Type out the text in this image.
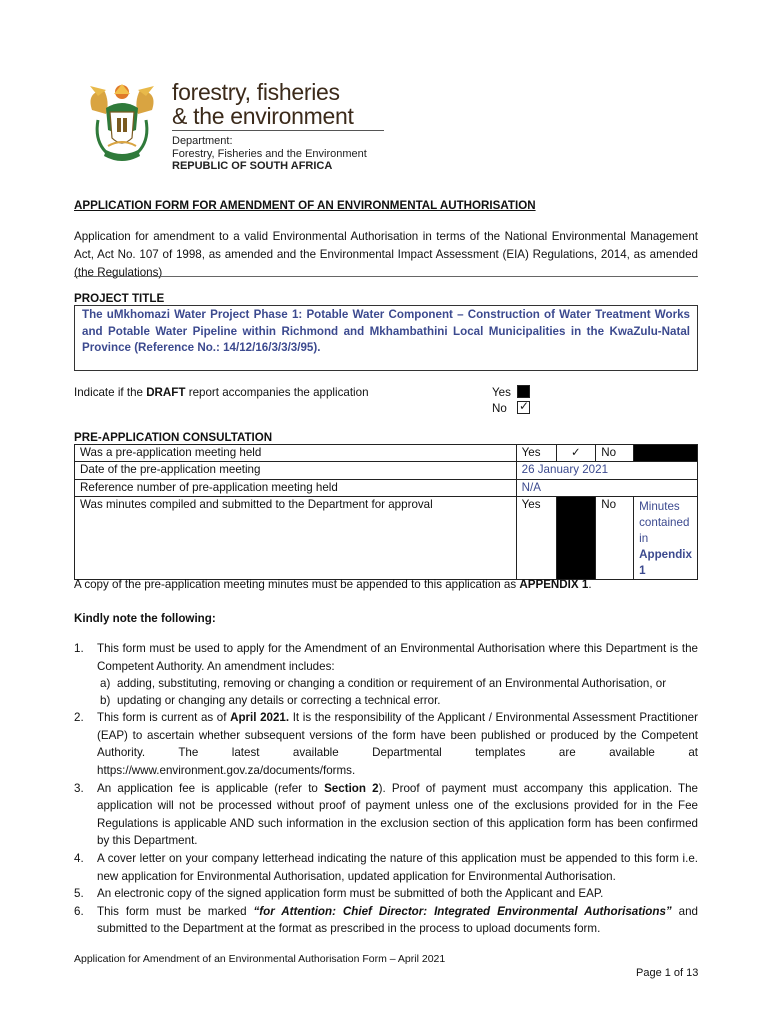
forestry, fisheries
& the environment
Department:
Forestry, Fisheries and the Environment
REPUBLIC OF SOUTH AFRICA
APPLICATION FORM FOR AMENDMENT OF AN ENVIRONMENTAL AUTHORISATION
Application for amendment to a valid Environmental Authorisation in terms of the National Environmental Management Act, Act No. 107 of 1998, as amended and the Environmental Impact Assessment (EIA) Regulations, 2014, as amended (the Regulations)
PROJECT TITLE
The uMkhomazi Water Project Phase 1: Potable Water Component – Construction of Water Treatment Works and Potable Water Pipeline within Richmond and Mkhambathini Local Municipalities in the KwaZulu-Natal Province (Reference No.: 14/12/16/3/3/3/95).
Indicate if the DRAFT report accompanies the application	Yes
No
✓
PRE-APPLICATION CONSULTATION
Was a pre-application meeting held	Yes	✓	No	
Date of the pre-application meeting	26 January 2021			
Reference number of pre-application meeting held	N/A			
Was minutes compiled and submitted to the Department for approval	Yes		No	Minutes
contained
in
Appendix
1
A copy of the pre-application meeting minutes must be appended to this application as APPENDIX 1.
Kindly note the following:
1. This form must be used to apply for the Amendment of an Environmental Authorisation where this Department is the Competent Authority. An amendment includes:
a) adding, substituting, removing or changing a condition or requirement of an Environmental Authorisation, or
b) updating or changing any details or correcting a technical error.
2. This form is current as of April 2021. It is the responsibility of the Applicant / Environmental Assessment Practitioner (EAP) to ascertain whether subsequent versions of the form have been published or produced by the Competent Authority. The latest available Departmental templates are available at https://www.environment.gov.za/documents/forms.
3. An application fee is applicable (refer to Section 2). Proof of payment must accompany this application. The application will not be processed without proof of payment unless one of the exclusions provided for in the Fee Regulations is applicable AND such information in the exclusion section of this application form has been confirmed by this Department.
4. A cover letter on your company letterhead indicating the nature of this application must be appended to this form i.e. new application for Environmental Authorisation, updated application for Environmental Authorisation.
5. An electronic copy of the signed application form must be submitted of both the Applicant and EAP.
6. This form must be marked “for Attention: Chief Director: Integrated Environmental Authorisations” and submitted to the Department at the format as prescribed in the process to upload documents form.
Application for Amendment of an Environmental Authorisation Form – April 2021
Page 1 of 13
